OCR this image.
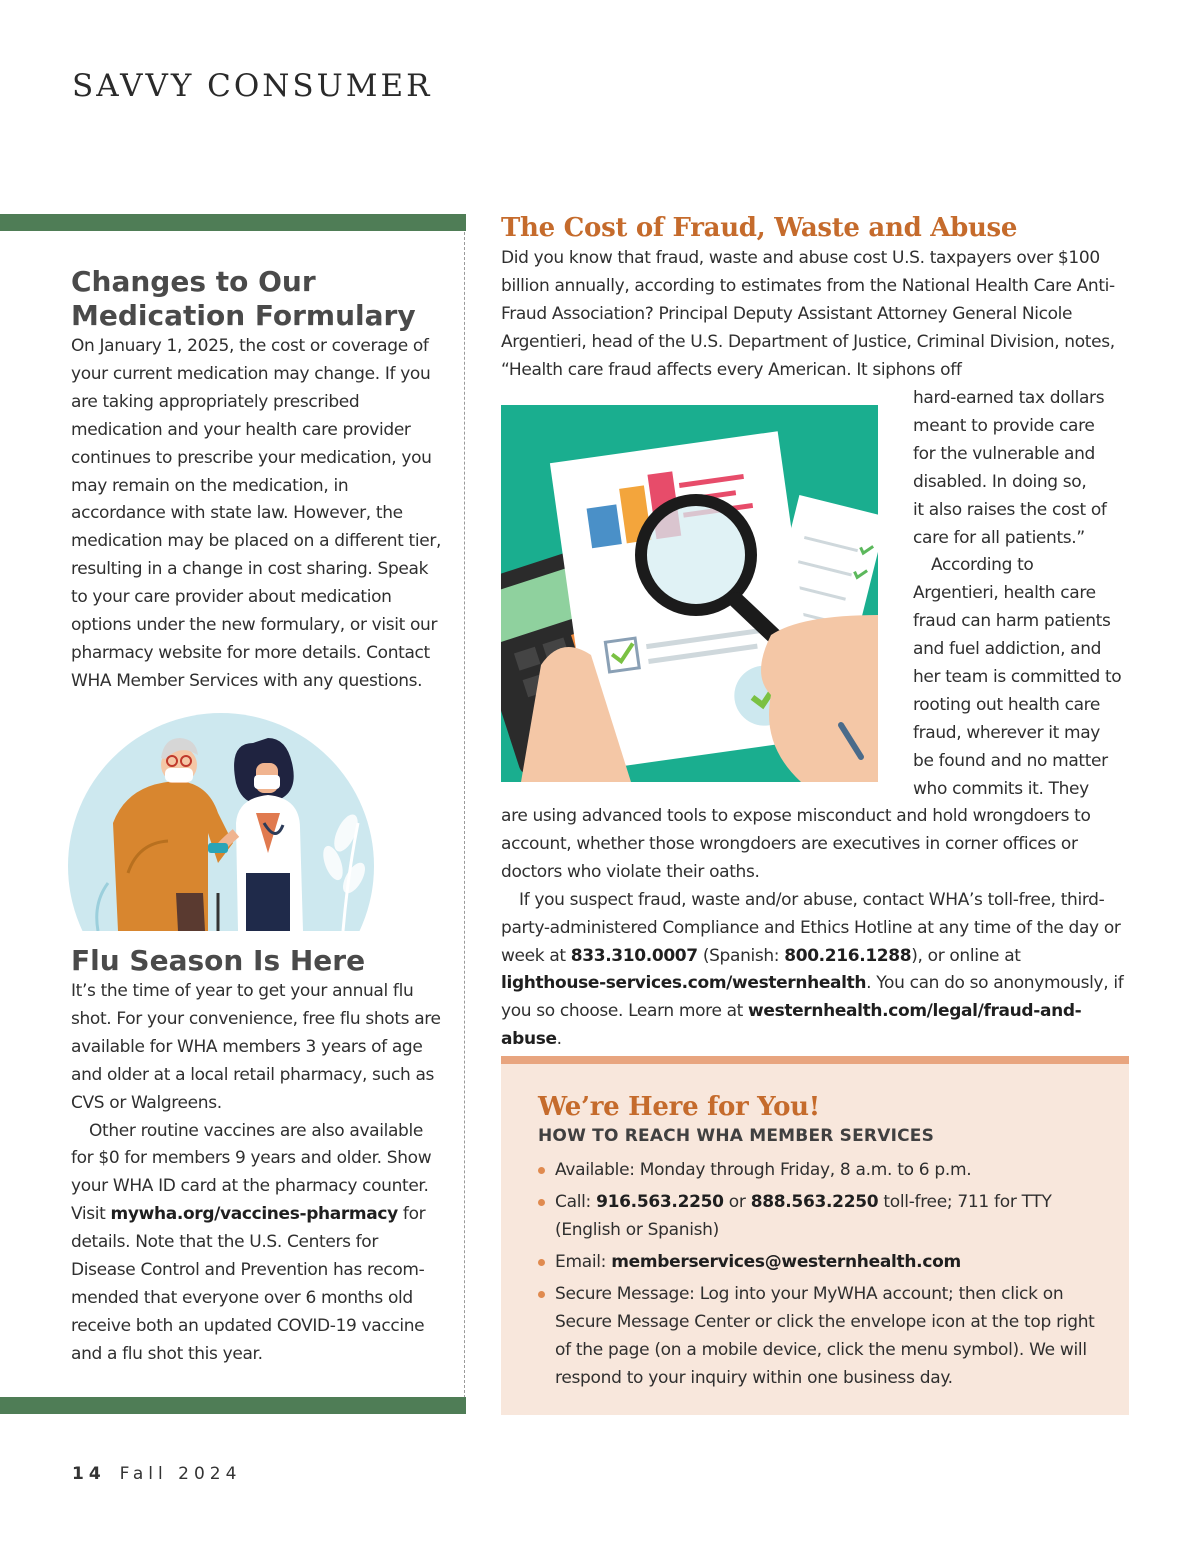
SAVVY CONSUMER
Changes to Our
Medication Formulary

On January 1, 2025, the cost or coverage of your current medication may change. If you are taking appropriately prescribed medication and your health care provider continues to prescribe your medication, you may remain on the medication, in accordance with state law. However, the medication may be placed on a different tier, resulting in a change in cost sharing. Speak to your care provider about medication options under the new formulary, or visit our pharmacy website for more details. Contact WHA Member Services with any questions.

Flu Season Is Here

It’s the time of year to get your annual flu shot. For your convenience, free flu shots are available for WHA members 3 years of age and older at a local retail pharmacy, such as CVS or Walgreens.

Other routine vaccines are also available for $0 for members 9 years and older. Show your WHA ID card at the pharmacy counter. Visit mywha.org/vaccines-pharmacy for details. Note that the U.S. Centers for Disease Control and Prevention has recom-mended that everyone over 6 months old receive both an updated COVID-19 vaccine and a flu shot this year.

The Cost of Fraud, Waste and Abuse

Did you know that fraud, waste and abuse cost U.S. taxpayers over $100 billion annually, according to estimates from the National Health Care Anti-Fraud Association? Principal Deputy Assistant Attorney General Nicole Argentieri, head of the U.S. Department of Justice, Criminal Division, notes, “Health care fraud affects every American. It siphons off

hard-earned tax dollars
meant to provide care
for the vulnerable and
disabled. In doing so,
it also raises the cost of
care for all patients.”
According to
Argentieri, health care
fraud can harm patients
and fuel addiction, and
her team is committed to
rooting out health care
fraud, wherever it may
be found and no matter
who commits it. They

are using advanced tools to expose misconduct and hold wrongdoers to account, whether those wrongdoers are executives in corner offices or doctors who violate their oaths.

If you suspect fraud, waste and/or abuse, contact WHA’s toll-free, third-party-administered Compliance and Ethics Hotline at any time of the day or week at 833.310.0007 (Spanish: 800.216.1288), or online at lighthouse-services.com/westernhealth. You can do so anonymously, if you so choose. Learn more at westernhealth.com/legal/fraud-and-abuse.

We’re Here for You!
HOW TO REACH WHA MEMBER SERVICES
Available: Monday through Friday, 8 a.m. to 6 p.m.
Call: 916.563.2250 or 888.563.2250 toll-free; 711 for TTY (English or Spanish)
Email: memberservices@westernhealth.com
Secure Message: Log into your MyWHA account; then click on Secure Message Center or click the envelope icon at the top right of the page (on a mobile device, click the menu symbol). We will respond to your inquiry within one business day.
14 Fall 2024
